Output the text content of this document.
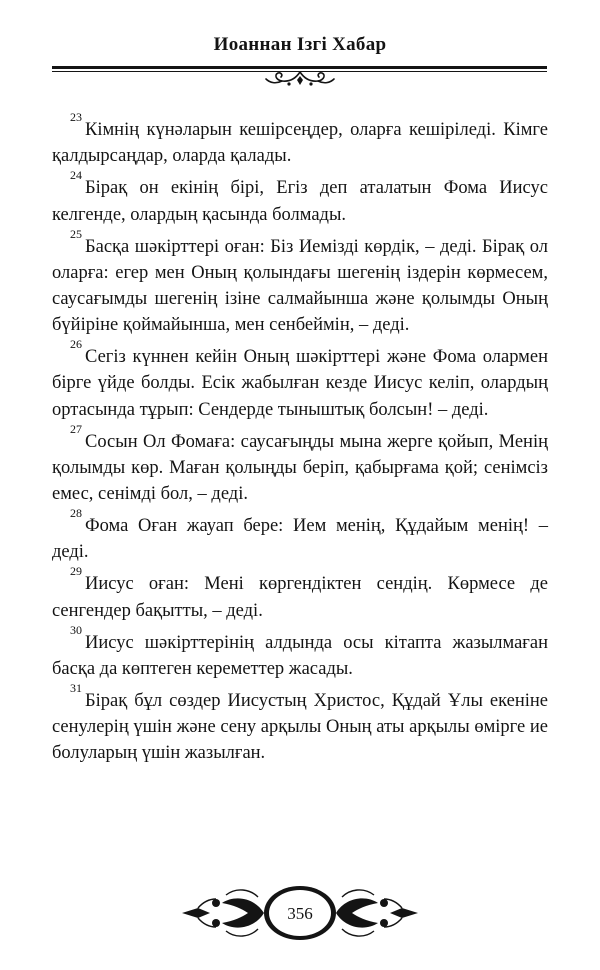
Иоаннан Ізгі Хабар

$^{23}$Кімнің күнәларын кешірсеңдер, оларға кешіріледі. Кімге қалдырсаңдар, оларда қалады.

$^{24}$Бірақ он екінің бірі, Егіз деп аталатын Фома Иисус келгенде, олардың қасында болмады.

$^{25}$Басқа шәкірттері оған: Біз Иемізді көрдік, – деді. Бірақ ол оларға: егер мен Оның қолындағы шегенің іздерін көрмесем, саусағымды шегенің ізіне салмайынша және қолымды Оның бүйіріне қоймайынша, мен сенбеймін, – деді.

$^{26}$Сегіз күннен кейін Оның шәкірттері және Фома олармен бірге үйде болды. Есік жабылған кезде Иисус келіп, олардың ортасында тұрып: Сендерде тыныштық болсын! – деді.

$^{27}$Сосын Ол Фомаға: саусағыңды мына жерге қойып, Менің қолымды көр. Маған қолыңды беріп, қабырғама қой; сенімсіз емес, сенімді бол, – деді.

$^{28}$Фома Оған жауап бере: Ием менің, Құдайым менің! – деді.

$^{29}$Иисус оған: Мені көргендіктен сендің. Көрмесе де сенгендер бақытты, – деді.

$^{30}$Иисус шәкірттерінің алдында осы кітапта жазылмаған басқа да көптеген кереметтер жасады.

$^{31}$Бірақ бұл сөздер Иисустың Христос, Құдай Ұлы екеніне сенулерің үшін және сену арқылы Оның аты арқылы өмірге ие болуларың үшін жазылған.

356
